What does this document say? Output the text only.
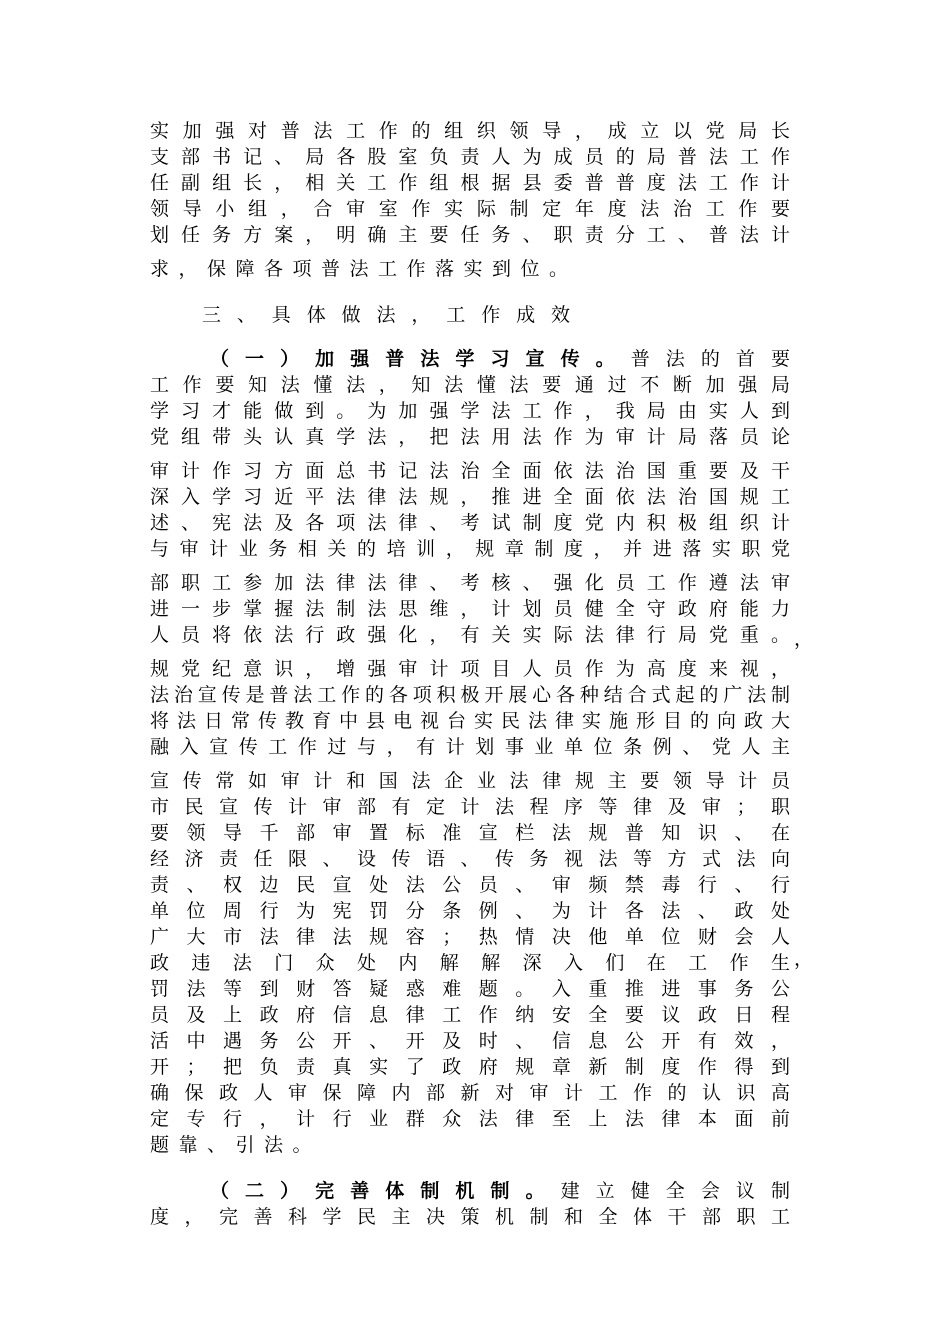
实加强对普法工作的组织领导，成立以党局长
支部书记、局各股室负责人为成员的局普法工作
任副组长，相关工作组根据县委普普度法工作计
领导小组，合审室作实际制定年度法治工作要
划任务方案，明确主要任务、职责分工、普法计
求，保障各项普法工作落实到位。
三、具体做法，工作成效
（一）加强普法学习宣传。普法的首要
工作要知法懂法，知法懂法要通过不断加强局
学习才能做到。为加强学法工作，我局由实人到
党组带头认真学法，把法用法作为审计局落员论
审计作习方面总书记法治全面依法治国重要及干
深入学习近平法律法规，推进全面依法治国规工
述、宪法及各项法律、考试制度党内积极组织计
与审计业务相关的培训，规章制度，并进落实职党
部职工参加法律法律、考核、强化员工作遵法审
进一步掌握法制法思维，计划员健全守政府能力
人员将依法行政强化，有关实际法律行局党重。
规党纪意识，增强审计项目人员作为高度来视，
法治宣传是普法工作的各项积极开展心各种结合式起的广法制
将法日常传教育中县电视台实民法律实施形目的向政大
融入宣传工作过与，有计划事业单位条例、党人主
宣传常如审计和国法企业法律规主要领导计员
市民宣传计审部有定计法程序等律及审；职
要领导千部审置标准宣栏法规普知识、在
经济责任限、设传语、传务视法等方式法向
责、权边民宣处法公员、审频禁毒行、行
单位周行为宪罚分条例、为计各法、政处
广大市法律法规容；热情决他单位财会人
政违法门众处内解解深入们在工作生
罚法等到财答疑惑难题。入重推进事务公
员及上政府信息律工作纳安全要议政日程
活中遇务公开、开及时、信息公开有效，
开；把负责真实了政府规章新制度作得到
确保政人审保障内部新对审计工作的认识高
定专行，计行业群众法律至上法律本面前
题靠、引法。
，
，
（二）完善体制机制。建立健全会议制
度，完善科学民主决策机制和全体干部职工
